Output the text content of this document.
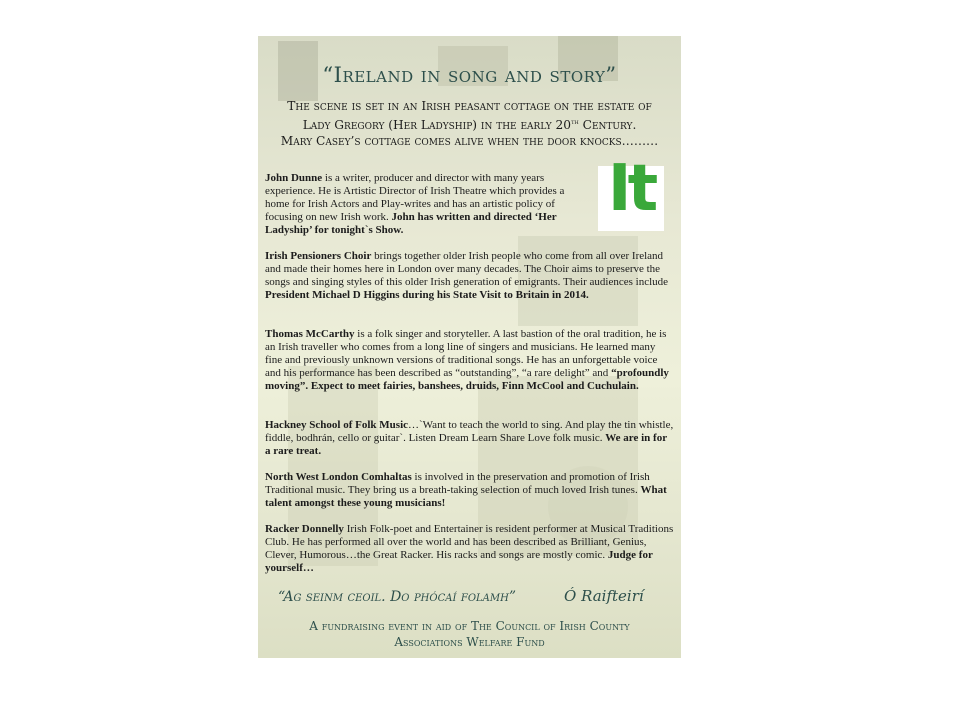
“Ireland in song and story”
The scene is set in an Irish peasant cottage on the estate of
Lady Gregory (Her Ladyship) in the early 20th Century.
Mary Casey’s cottage comes alive when the door knocks………
It
John Dunne is a writer, producer and director with many years experience. He is Artistic Director of Irish Theatre which provides a home for Irish Actors and Play-writes and has an artistic policy of focusing on new Irish work. John has written and directed ‘Her Ladyship’ for tonight`s Show.
Irish Pensioners Choir brings together older Irish people who come from all over Ireland and made their homes here in London over many decades. The Choir aims to preserve the songs and singing styles of this older Irish generation of emigrants. Their audiences include President Michael D Higgins during his State Visit to Britain in 2014.
Thomas McCarthy is a folk singer and storyteller. A last bastion of the oral tradition, he is an Irish traveller who comes from a long line of singers and musicians. He learned many fine and previously unknown versions of traditional songs. He has an unforgettable voice and his performance has been described as “outstanding”, “a rare delight” and “profoundly moving”. Expect to meet fairies, banshees, druids, Finn McCool and Cuchulain.
Hackney School of Folk Music…`Want to teach the world to sing. And play the tin whistle, fiddle, bodhrán, cello or guitar`. Listen Dream Learn Share Love folk music. We are in for a rare treat.
North West London Comhaltas is involved in the preservation and promotion of Irish Traditional music. They bring us a breath-taking selection of much loved Irish tunes. What talent amongst these young musicians!
Racker Donnelly Irish Folk-poet and Entertainer is resident performer at Musical Traditions Club. He has performed all over the world and has been described as Brilliant, Genius, Clever, Humorous…the Great Racker. His racks and songs are mostly comic. Judge for yourself…
“Ag seinm ceoil. Do phócaí folamh”	Ó Raifteirí
A fundraising event in aid of The Council of Irish County
Associations Welfare Fund
